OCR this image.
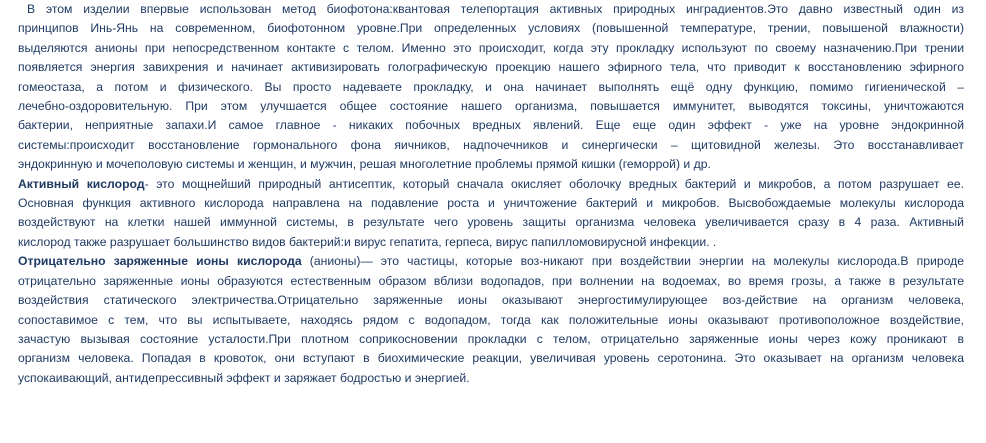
В этом изделии впервые использован метод биофотона:квантовая телепортация активных природных инградиентов.Это давно известный один из
принципов Инь-Янь на современном, биофотонном уровне.При определенных условиях (повышенной температуре, трении, повышеной влажности)
выделяются анионы при непосредственном контакте с телом. Именно это происходит, когда эту прокладку используют по своему назначению.При трении
появляется энергия завихрения и начинает активизировать голографическую проекцию нашего эфирного тела, что приводит к восстановлению эфирного
гомеостаза, а потом и физического. Вы просто надеваете прокладку, и она начинает выполнять ещё одну функцию, помимо гигиенической –
лечебно-оздоровительную. При этом улучшается общее состояние нашего организма, повышается иммунитет, выводятся токсины, уничтожаются
бактерии, неприятные запахи.И самое главное - никаких побочных вредных явлений. Еще еще один эффект - уже на уровне эндокринной
системы:происходит восстановление гормонального фона яичников, надпочечников и синергически – щитовидной железы. Это восстанавливает
эндокринную и мочеполовую системы и женщин, и мужчин, решая многолетние проблемы прямой кишки (геморрой) и др.
Активный кислород- это мощнейший природный антисептик, который сначала окисляет оболочку вредных бактерий и микробов, а потом разрушает ее.
Основная функция активного кислорода направлена на подавление роста и уничтожение бактерий и микробов. Высвобождаемые молекулы кислорода
воздействуют на клетки нашей иммунной системы, в результате чего уровень защиты организма человека увеличивается сразу в 4 раза. Активный
кислород также разрушает большинство видов бактерий:и вирус гепатита, герпеса, вирус папилломовирусной инфекции. .
Отрицательно заряженные ионы кислорода (анионы)— это частицы, которые воз-никают при воздействии энергии на молекулы кислорода.В природе
отрицательно заряженные ионы образуются естественным образом вблизи водопадов, при волнении на водоемах, во время грозы, а также в результате
воздействия статического электричества.Отрицательно заряженные ионы оказывают энергостимулирующее воз-действие на организм человека,
сопоставимое с тем, что вы испытываете, находясь рядом с водопадом, тогда как положительные ионы оказывают противоположное воздействие,
зачастую вызывая состояние усталости.При плотном соприкосновении прокладки с телом, отрицательно заряженные ионы через кожу проникают в
организм человека. Попадая в кровоток, они вступают в биохимические реакции, увеличивая уровень серотонина. Это оказывает на организм человека
успокаивающий, антидепрессивный эффект и заряжает бодростью и энергией.
